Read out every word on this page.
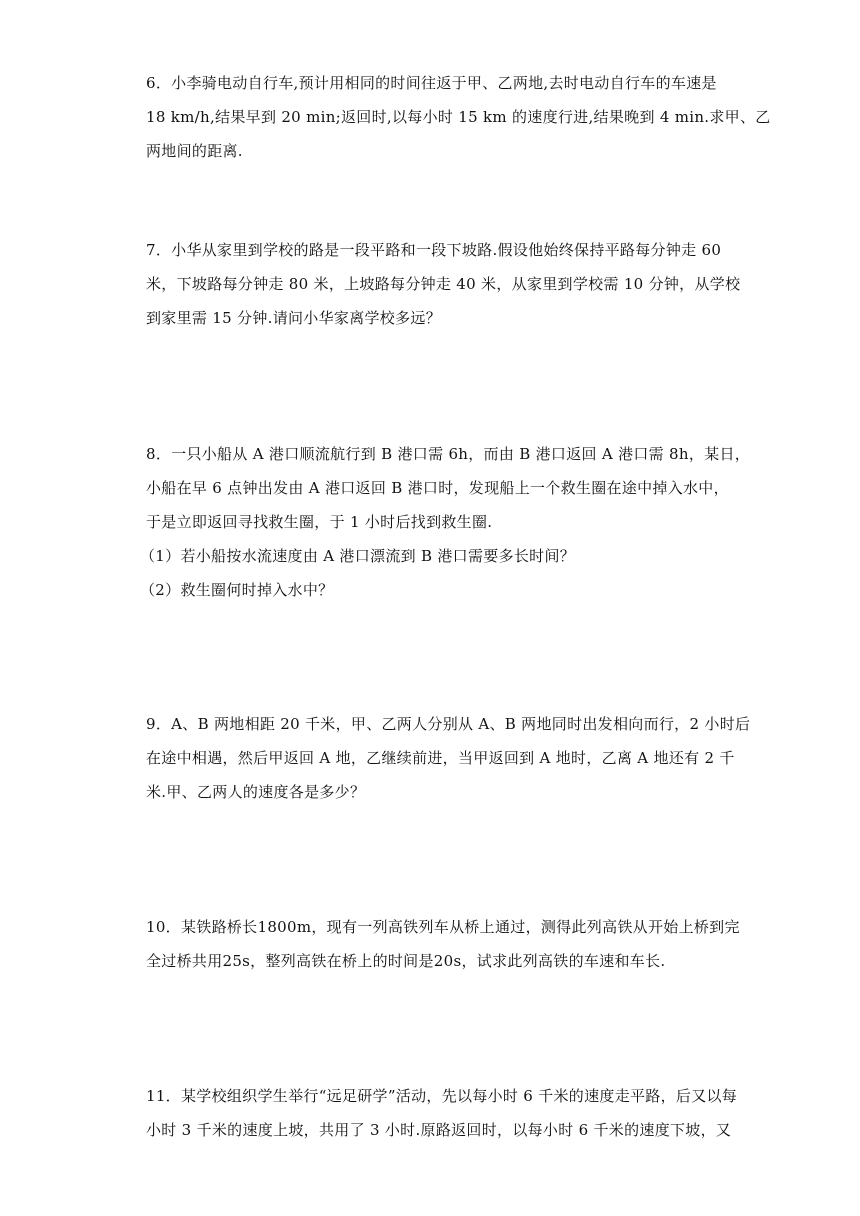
6．小李骑电动自行车,预计用相同的时间往返于甲、乙两地,去时电动自行车的车速是
18 km/h,结果早到 20 min;返回时,以每小时 15 km 的速度行进,结果晚到 4 min.求甲、乙
两地间的距离.
7．小华从家里到学校的路是一段平路和一段下坡路.假设他始终保持平路每分钟走 60
米，下坡路每分钟走 80 米，上坡路每分钟走 40 米，从家里到学校需 10 分钟，从学校
到家里需 15 分钟.请问小华家离学校多远？
8．一只小船从 A 港口顺流航行到 B 港口需 6h，而由 B 港口返回 A 港口需 8h，某日，
小船在早 6 点钟出发由 A 港口返回 B 港口时，发现船上一个救生圈在途中掉入水中，
于是立即返回寻找救生圈，于 1 小时后找到救生圈.
（1）若小船按水流速度由 A 港口漂流到 B 港口需要多长时间？
（2）救生圈何时掉入水中？
9．A、B 两地相距 20 千米，甲、乙两人分别从 A、B 两地同时出发相向而行，2 小时后
在途中相遇，然后甲返回 A 地，乙继续前进，当甲返回到 A 地时，乙离 A 地还有 2 千
米.甲、乙两人的速度各是多少？
10．某铁路桥长1800m，现有一列高铁列车从桥上通过，测得此列高铁从开始上桥到完
全过桥共用25s，整列高铁在桥上的时间是20s，试求此列高铁的车速和车长.
11．某学校组织学生举行“远足研学”活动，先以每小时 6 千米的速度走平路，后又以每
小时 3 千米的速度上坡，共用了 3 小时.原路返回时，以每小时 6 千米的速度下坡，又
